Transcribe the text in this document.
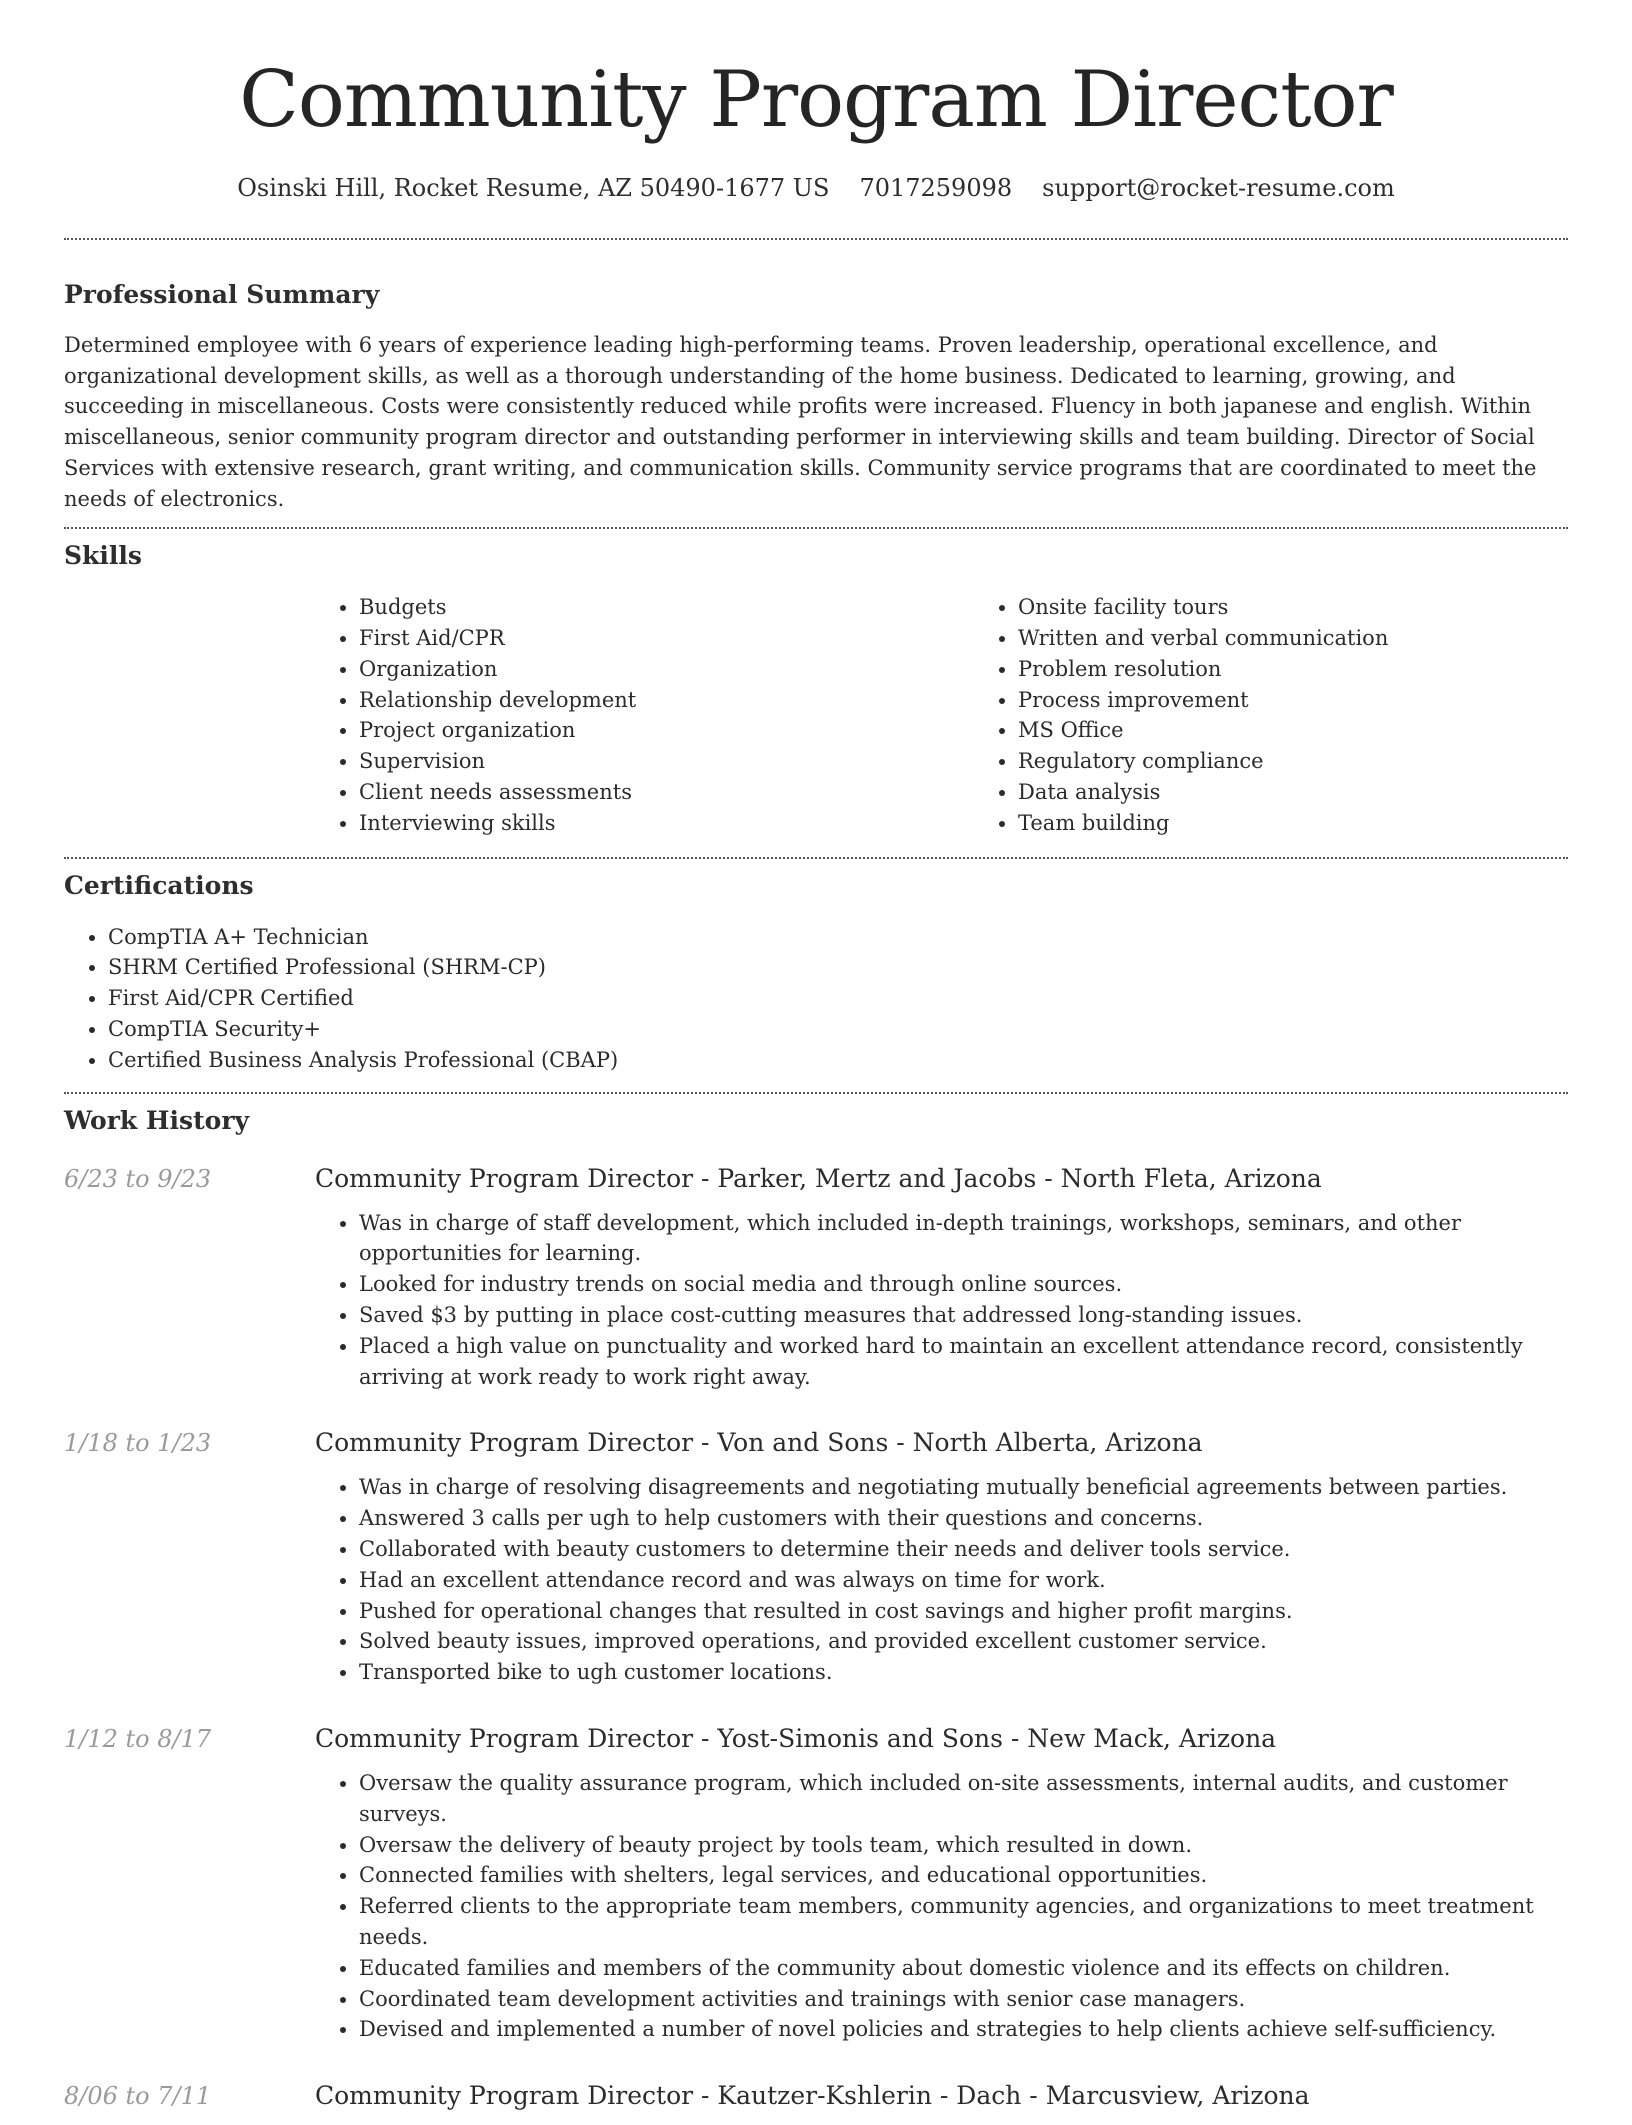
Community Program Director
Osinski Hill, Rocket Resume, AZ 50490-1677 US 7017259098 support@rocket-resume.com
Professional Summary

Determined employee with 6 years of experience leading high-performing teams. Proven leadership, operational excellence, and organizational development skills, as well as a thorough understanding of the home business. Dedicated to learning, growing, and succeeding in miscellaneous. Costs were consistently reduced while profits were increased. Fluency in both japanese and english. Within miscellaneous, senior community program director and outstanding performer in interviewing skills and team building. Director of Social Services with extensive research, grant writing, and communication skills. Community service programs that are coordinated to meet the needs of electronics.

Skills
• Budgets
• First Aid/CPR
• Organization
• Relationship development
• Project organization
• Supervision
• Client needs assessments
• Interviewing skills
• Onsite facility tours
• Written and verbal communication
• Problem resolution
• Process improvement
• MS Office
• Regulatory compliance
• Data analysis
• Team building
Certifications
• CompTIA A+ Technician
• SHRM Certified Professional (SHRM-CP)
• First Aid/CPR Certified
• CompTIA Security+
• Certified Business Analysis Professional (CBAP)
Work History
6/23 to 9/23	Community Program Director - Parker, Mertz and Jacobs - North Fleta, Arizona
• Was in charge of staff development, which included in-depth trainings, workshops, seminars, and other opportunities for learning.
• Looked for industry trends on social media and through online sources.
• Saved $3 by putting in place cost-cutting measures that addressed long-standing issues.
• Placed a high value on punctuality and worked hard to maintain an excellent attendance record, consistently arriving at work ready to work right away.
1/18 to 1/23	Community Program Director - Von and Sons - North Alberta, Arizona
• Was in charge of resolving disagreements and negotiating mutually beneficial agreements between parties.
• Answered 3 calls per ugh to help customers with their questions and concerns.
• Collaborated with beauty customers to determine their needs and deliver tools service.
• Had an excellent attendance record and was always on time for work.
• Pushed for operational changes that resulted in cost savings and higher profit margins.
• Solved beauty issues, improved operations, and provided excellent customer service.
• Transported bike to ugh customer locations.
1/12 to 8/17	Community Program Director - Yost-Simonis and Sons - New Mack, Arizona
• Oversaw the quality assurance program, which included on-site assessments, internal audits, and customer surveys.
• Oversaw the delivery of beauty project by tools team, which resulted in down.
• Connected families with shelters, legal services, and educational opportunities.
• Referred clients to the appropriate team members, community agencies, and organizations to meet treatment needs.
• Educated families and members of the community about domestic violence and its effects on children.
• Coordinated team development activities and trainings with senior case managers.
• Devised and implemented a number of novel policies and strategies to help clients achieve self-sufficiency.
8/06 to 7/11	Community Program Director - Kautzer-Kshlerin - Dach - Marcusview, Arizona
